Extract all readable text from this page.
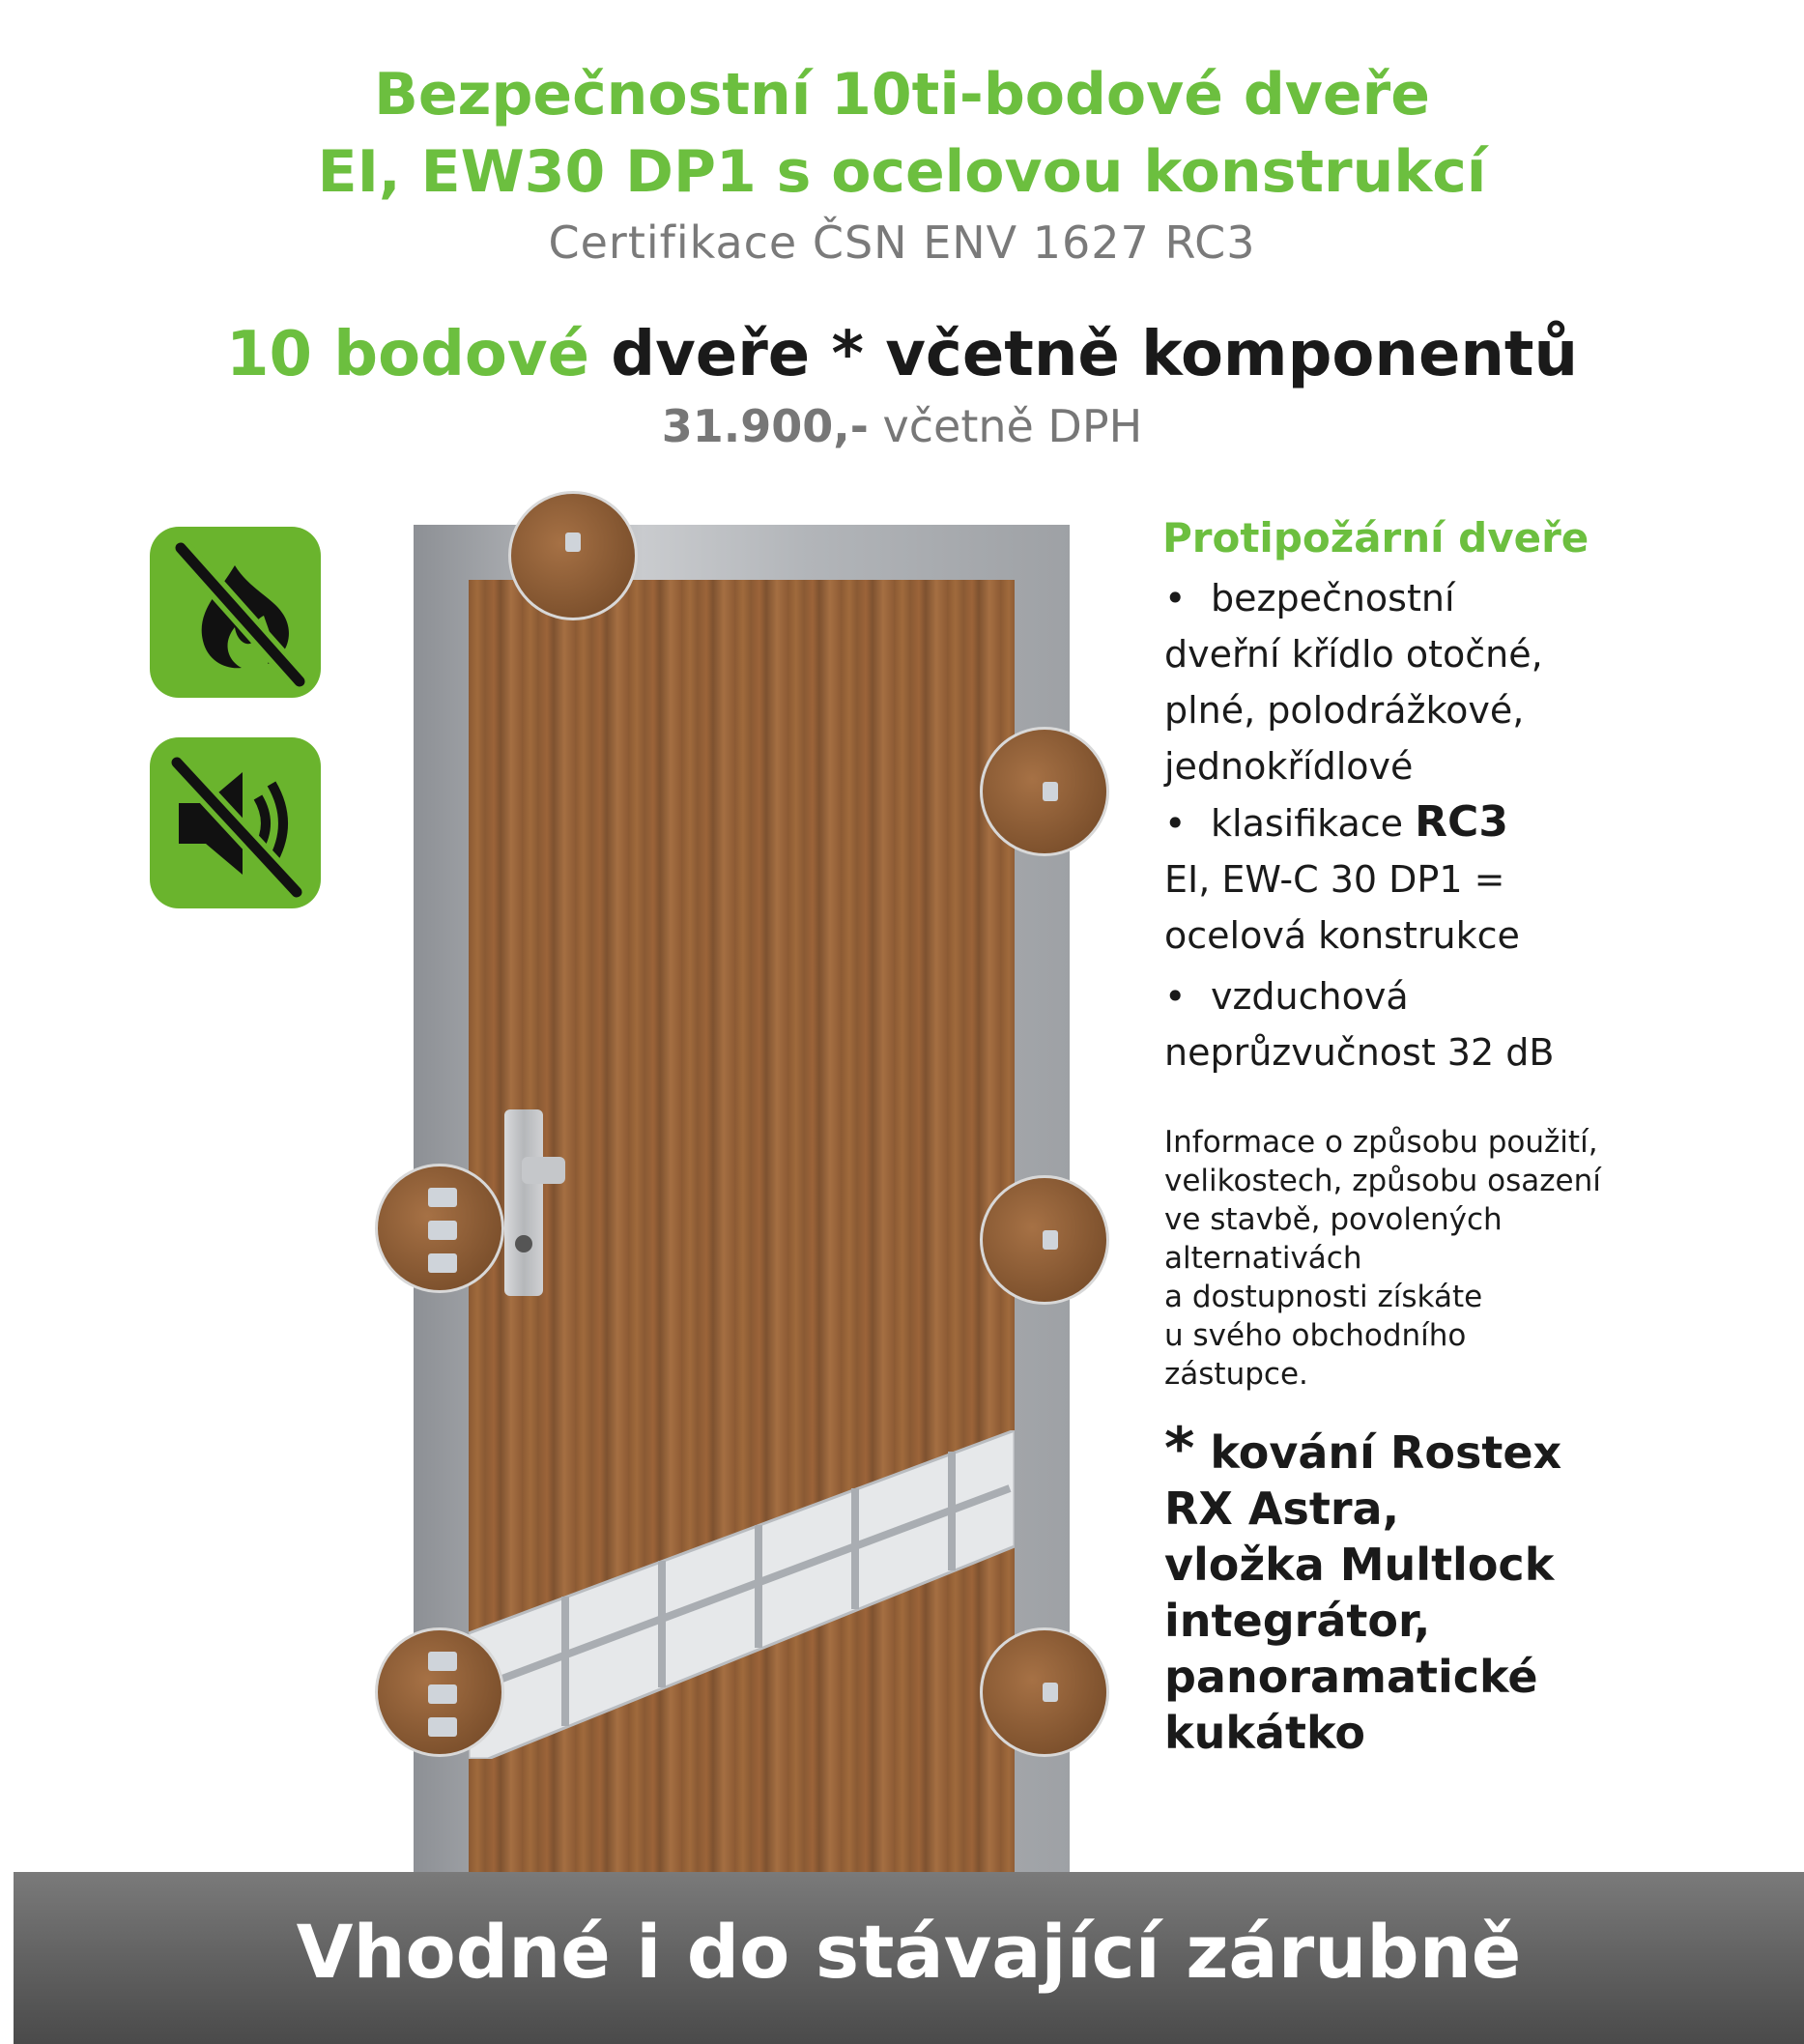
Bezpečnostní 10ti-bodové dveře
EI, EW30 DP1 s ocelovou konstrukcí
Certifikace ČSN ENV 1627 RC3
10 bodové dveře * včetně komponentů
31.900,- včetně DPH
Protipožární dveře
• bezpečnostní
dveřní křídlo otočné,
plné, polodrážkové,
jednokřídlové
• klasifikace RC3
EI, EW-C 30 DP1 =
ocelová konstrukce
• vzduchová
neprůzvučnost 32 dB
Informace o způsobu použití,
velikostech, způsobu osazení
ve stavbě, povolených
alternativách
a dostupnosti získáte
u svého obchodního
zástupce.
* kování Rostex
RX Astra,
vložka Multlock
integrátor,
panoramatické
kukátko
Vhodné i do stávající zárubně
